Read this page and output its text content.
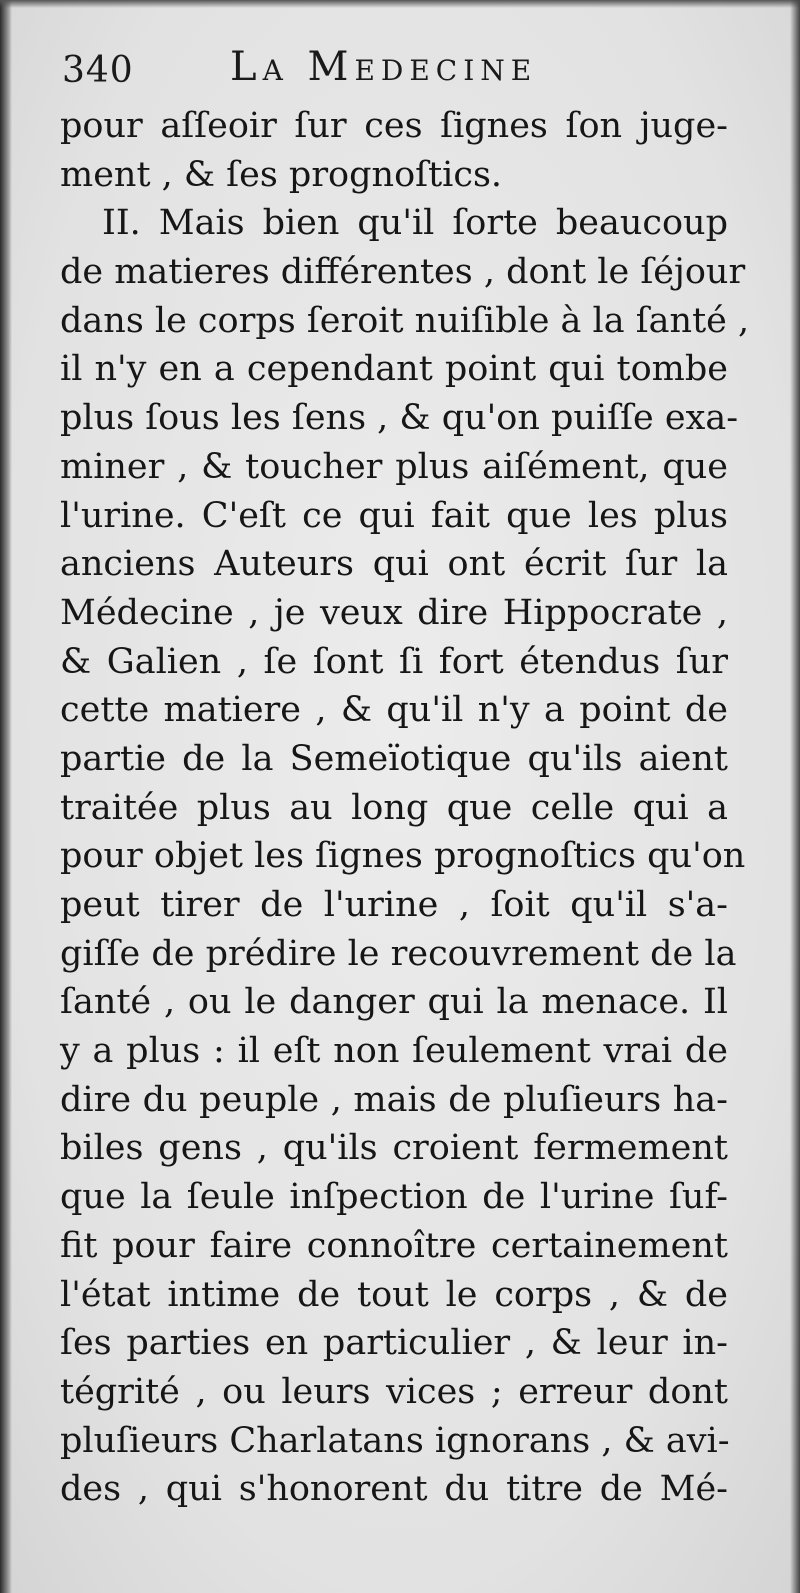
340 La Medecine
pour aſſeoir ſur ces ſignes ſon juge-
ment , & ſes prognoſtics.
II. Mais bien qu'il ſorte beaucoup
de matieres différentes , dont le ſéjour
dans le corps ſeroit nuiſible à la ſanté ,
il n'y en a cependant point qui tombe
plus ſous les ſens , & qu'on puiſſe exa-
miner , & toucher plus aiſément, que
l'urine. C'eſt ce qui fait que les plus
anciens Auteurs qui ont écrit ſur la
Médecine , je veux dire Hippocrate ,
& Galien , ſe ſont ſi fort étendus ſur
cette matiere , & qu'il n'y a point de
partie de la Semeïotique qu'ils aient
traitée plus au long que celle qui a
pour objet les ſignes prognoſtics qu'on
peut tirer de l'urine , ſoit qu'il s'a-
giſſe de prédire le recouvrement de la
ſanté , ou le danger qui la menace. Il
y a plus : il eſt non ſeulement vrai de
dire du peuple , mais de pluſieurs ha-
biles gens , qu'ils croient fermement
que la ſeule inſpection de l'urine ſuf-
fit pour faire connoître certainement
l'état intime de tout le corps , & de
ſes parties en particulier , & leur in-
tégrité , ou leurs vices ; erreur dont
pluſieurs Charlatans ignorans , & avi-
des , qui s'honorent du titre de Mé-
